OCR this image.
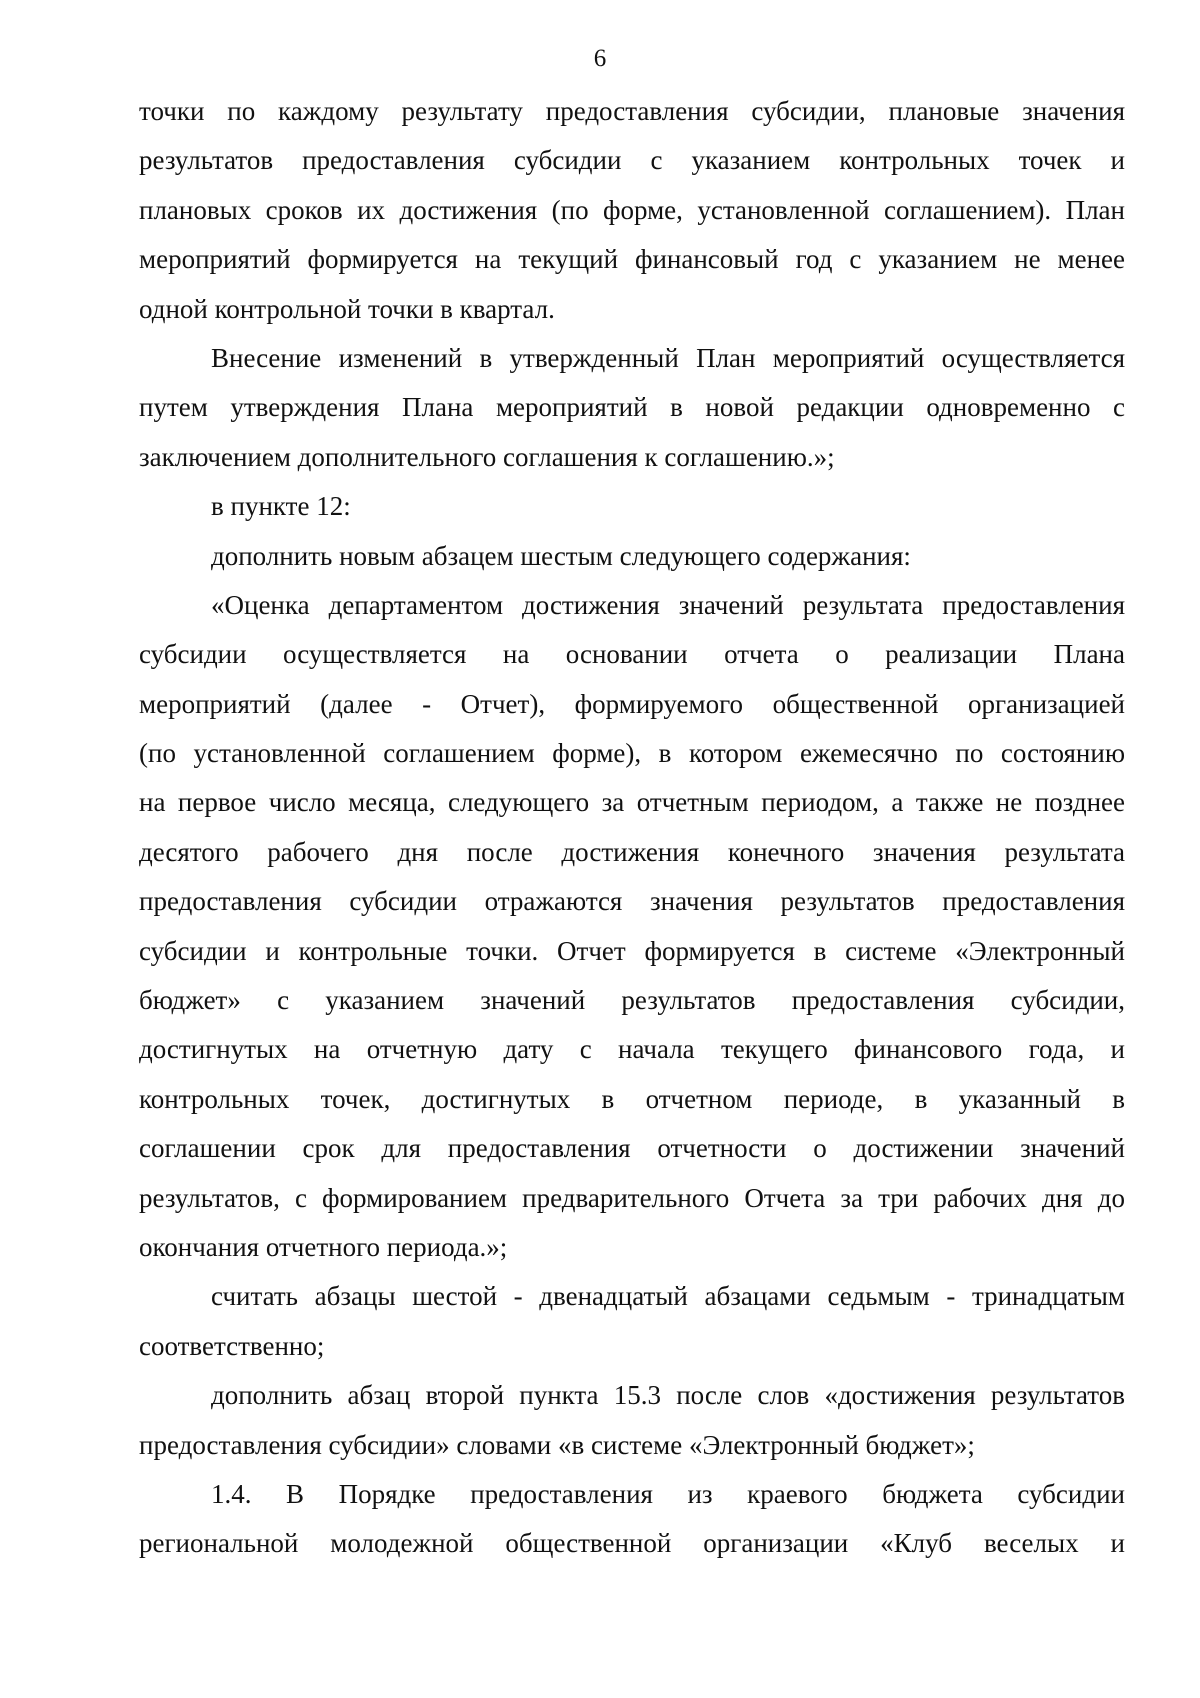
6
точки по каждому результату предоставления субсидии, плановые значения
результатов предоставления субсидии с указанием контрольных точек и
плановых сроков их достижения (по форме, установленной соглашением). План
мероприятий формируется на текущий финансовый год с указанием не менее
одной контрольной точки в квартал.
Внесение изменений в утвержденный План мероприятий осуществляется
путем утверждения Плана мероприятий в новой редакции одновременно с
заключением дополнительного соглашения к соглашению.»;
в пункте 12:
дополнить новым абзацем шестым следующего содержания:
«Оценка департаментом достижения значений результата предоставления
субсидии осуществляется на основании отчета о реализации Плана
мероприятий (далее - Отчет), формируемого общественной организацией
(по установленной соглашением форме), в котором ежемесячно по состоянию
на первое число месяца, следующего за отчетным периодом, а также не позднее
десятого рабочего дня после достижения конечного значения результата
предоставления субсидии отражаются значения результатов предоставления
субсидии и контрольные точки. Отчет формируется в системе «Электронный
бюджет» с указанием значений результатов предоставления субсидии,
достигнутых на отчетную дату с начала текущего финансового года, и
контрольных точек, достигнутых в отчетном периоде, в указанный в
соглашении срок для предоставления отчетности о достижении значений
результатов, с формированием предварительного Отчета за три рабочих дня до
окончания отчетного периода.»;
считать абзацы шестой - двенадцатый абзацами седьмым - тринадцатым
соответственно;
дополнить абзац второй пункта 15.3 после слов «достижения результатов
предоставления субсидии» словами «в системе «Электронный бюджет»;
1.4. В Порядке предоставления из краевого бюджета субсидии
региональной молодежной общественной организации «Клуб веселых и
